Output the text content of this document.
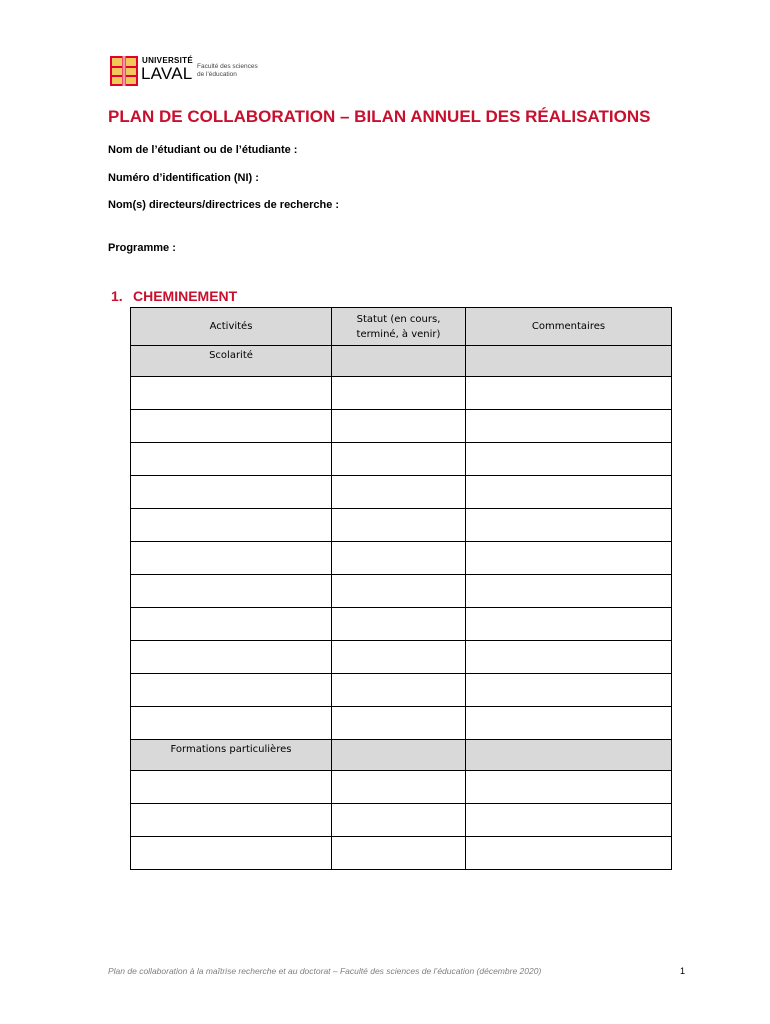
UNIVERSITÉ
LAVAL Faculté des sciences
de l'éducation
PLAN DE COLLABORATION – BILAN ANNUEL DES RÉALISATIONS
Nom de l’étudiant ou de l’étudiante :
Numéro d’identification (NI) :
Nom(s) directeurs/directrices de recherche :
Programme :
1. CHEMINEMENT
Activités	Statut (en cours,
terminé, à venir)	Commentaires
Scolarité		

Formations particulières		

Plan de collaboration à la maîtrise recherche et au doctorat – Faculté des sciences de l’éducation (décembre 2020)	1
